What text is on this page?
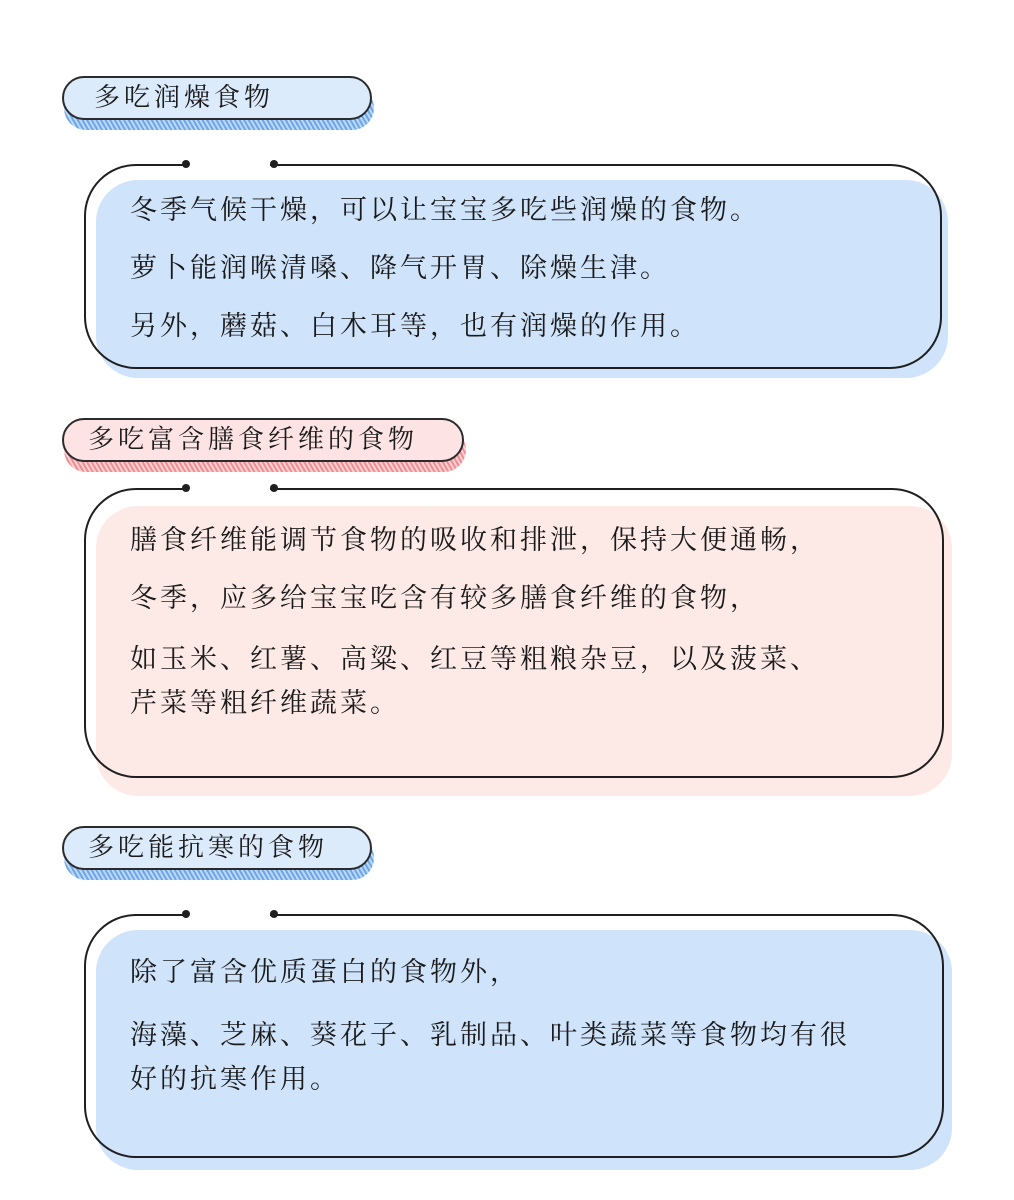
多吃润燥食物

冬季气候干燥，可以让宝宝多吃些润燥的食物。

萝卜能润喉清嗓、降气开胃、除燥生津。

另外，蘑菇、白木耳等，也有润燥的作用。

多吃富含膳食纤维的食物

膳食纤维能调节食物的吸收和排泄，保持大便通畅，

冬季，应多给宝宝吃含有较多膳食纤维的食物，

如玉米、红薯、高粱、红豆等粗粮杂豆，以及菠菜、

芹菜等粗纤维蔬菜。

多吃能抗寒的食物

除了富含优质蛋白的食物外，

海藻、芝麻、葵花子、乳制品、叶类蔬菜等食物均有很

好的抗寒作用。
